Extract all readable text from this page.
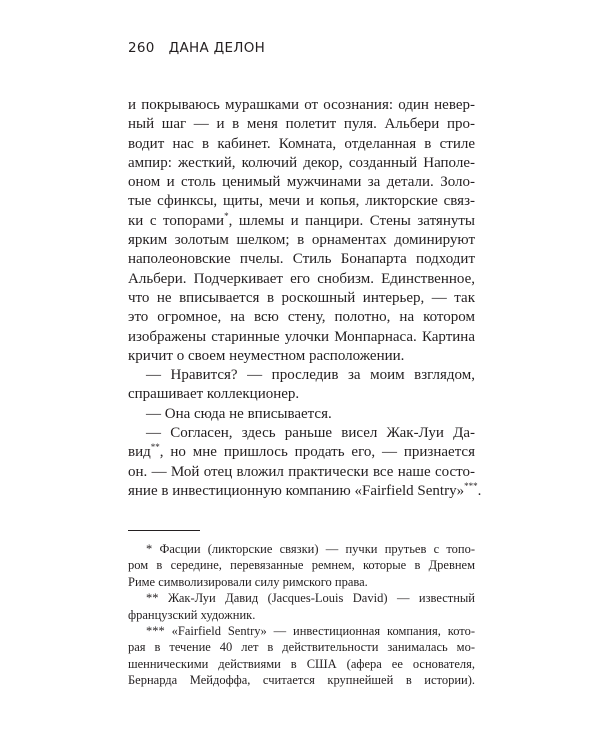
260 ДАНА ДЕЛОН
и покрываюсь мурашками от осознания: один невер-
ный шаг — и в меня полетит пуля. Альбери про-
водит нас в кабинет. Комната, отделанная в стиле
ампир: жесткий, колючий декор, созданный Наполе-
оном и столь ценимый мужчинами за детали. Золо-
тые сфинксы, щиты, мечи и копья, ликторские связ-
ки с топорами*, шлемы и панцири. Стены затянуты
ярким золотым шелком; в орнаментах доминируют
наполеоновские пчелы. Стиль Бонапарта подходит
Альбери. Подчеркивает его снобизм. Единственное,
что не вписывается в роскошный интерьер, — так
это огромное, на всю стену, полотно, на котором
изображены старинные улочки Монпарнаса. Картина
кричит о своем неуместном расположении.
— Нравится? — проследив за моим взглядом,
спрашивает коллекционер.
— Она сюда не вписывается.
— Согласен, здесь раньше висел Жак-Луи Да-
вид**, но мне пришлось продать его, — признается
он. — Мой отец вложил практически все наше состо-
яние в инвестиционную компанию «Fairfield Sentry»***.
* Фасции (ликторские связки) — пучки прутьев с топо-
ром в середине, перевязанные ремнем, которые в Древнем
Риме символизировали силу римского права.
** Жак-Луи Давид (Jacques-Louis David) — известный
французский художник.
*** «Fairfield Sentry» — инвестиционная компания, кото-
рая в течение 40 лет в действительности занималась мо-
шенническими действиями в США (афера ее основателя,
Бернарда Мейдоффа, считается крупнейшей в истории).
